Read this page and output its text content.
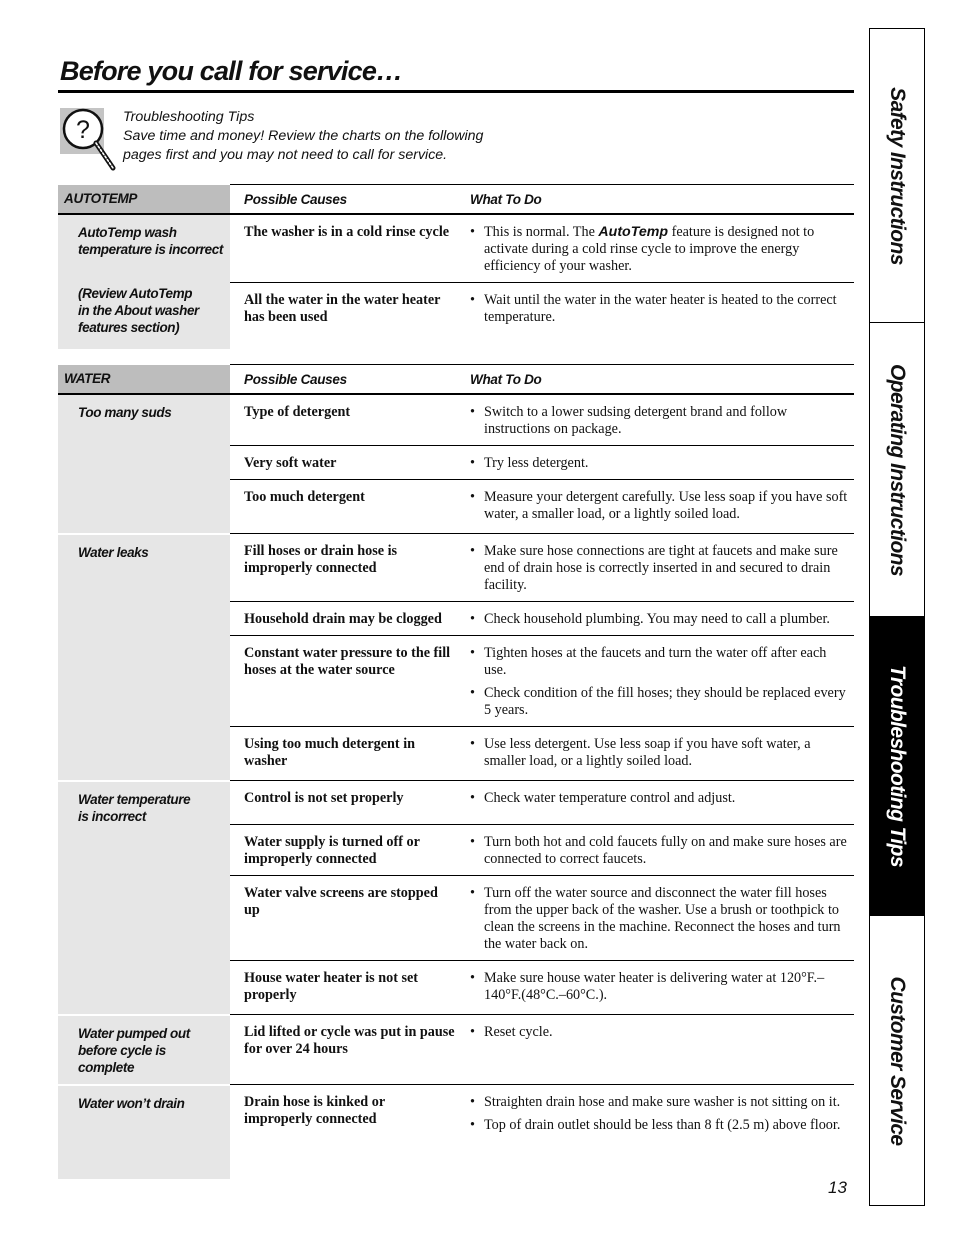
Before you call for service…
? Troubleshooting Tips
Save time and money! Review the charts on the following
pages first and you may not need to call for service.
AUTOTEMP	Possible Causes	What To Do

AutoTemp wash
temperature is incorrect
(Review AutoTemp
in the About washer
features section)	The washer is in a cold rinse cycle	• This is normal. The AutoTemp feature is designed not to activate during a cold rinse cycle to improve the energy efficiency of your washer.

	All the water in the water heater has been used	• Wait until the water in the water heater is heated to the correct temperature.
WATER	Possible Causes	What To Do
Too many suds	Type of detergent	• Switch to a lower sudsing detergent brand and follow instructions on package.

	Very soft water	• Try less detergent.

	Too much detergent	• Measure your detergent carefully. Use less soap if you have soft water, a smaller load, or a lightly soiled load.

Water leaks	Fill hoses or drain hose is improperly connected	• Make sure hose connections are tight at faucets and make sure end of drain hose is correctly inserted in and secured to drain facility.

	Household drain may be clogged	• Check household plumbing. You may need to call a plumber.

	Constant water pressure to the fill hoses at the water source	• Tighten hoses at the faucets and turn the water off after each use.
• Check condition of the fill hoses; they should be replaced every 5 years.

	Using too much detergent in washer	• Use less detergent. Use less soap if you have soft water, a smaller load, or a lightly soiled load.

Water temperature
is incorrect	Control is not set properly	• Check water temperature control and adjust.

	Water supply is turned off or improperly connected	• Turn both hot and cold faucets fully on and make sure hoses are connected to correct faucets.

	Water valve screens are stopped up	• Turn off the water source and disconnect the water fill hoses from the upper back of the washer. Use a brush or toothpick to clean the screens in the machine. Reconnect the hoses and turn the water back on.

	House water heater is not set properly	• Make sure house water heater is delivering water at 120°F.–140°F.(48°C.–60°C.).

Water pumped out
before cycle is
complete	Lid lifted or cycle was put in pause for over 24 hours	• Reset cycle.

Water won’t drain	Drain hose is kinked or improperly connected	• Straighten drain hose and make sure washer is not sitting on it.
• Top of drain outlet should be less than 8 ft (2.5 m) above floor.
Safety Instructions
Operating Instructions
Troubleshooting Tips
Customer Service
13
